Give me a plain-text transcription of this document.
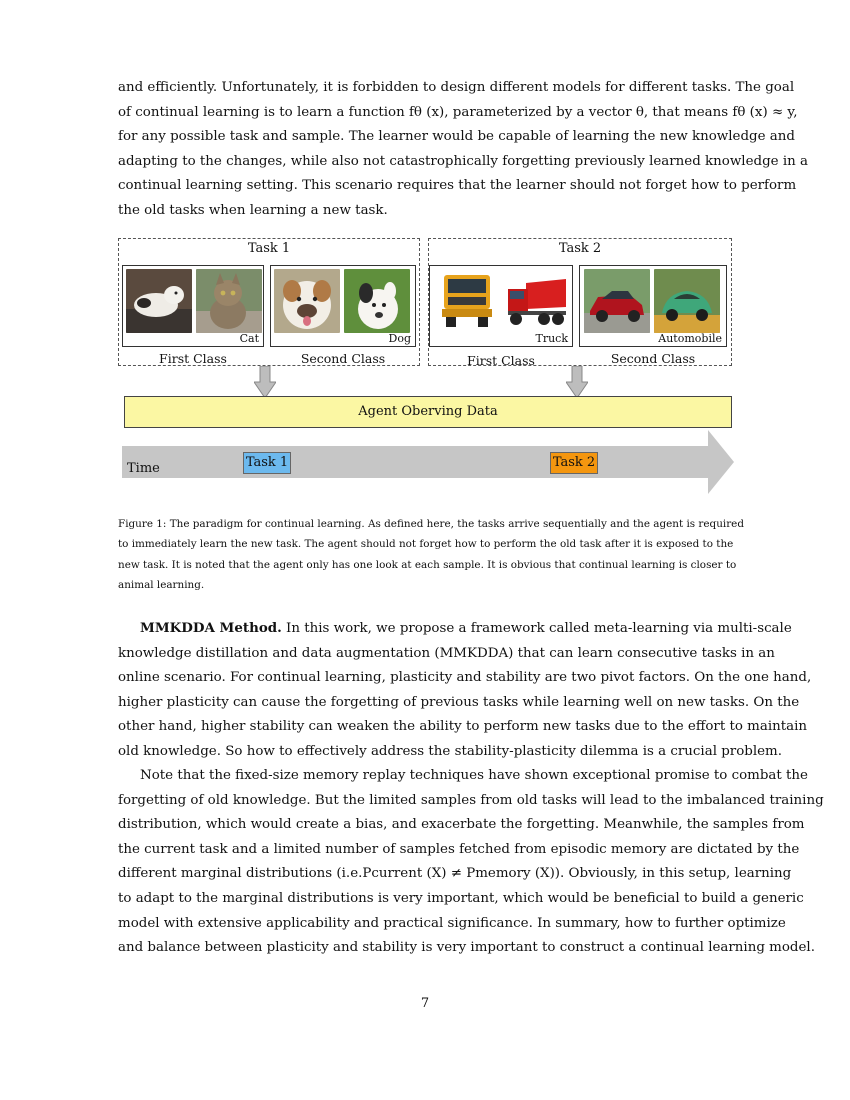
and efficiently. Unfortunately, it is forbidden to design different models for different tasks. The goal
of continual learning is to learn a function fθ (x), parameterized by a vector θ, that means fθ (x) ≈ y,
for any possible task and sample. The learner would be capable of learning the new knowledge and
adapting to the changes, while also not catastrophically forgetting previously learned knowledge in a
continual learning setting. This scenario requires that the learner should not forget how to perform
the old tasks when learning a new task.

Task 1
Cat
First Class
Dog
Second Class
Task 2
Truck
First Class
Automobile
Second Class
Agent Oberving Data
Time	Task 1	Task 2

Figure 1: The paradigm for continual learning. As defined here, the tasks arrive sequentially and the agent is required
to immediately learn the new task. The agent should not forget how to perform the old task after it is exposed to the
new task. It is noted that the agent only has one look at each sample. It is obvious that continual learning is closer to
animal learning.

MMKDDA Method. In this work, we propose a framework called meta-learning via multi-scale
knowledge distillation and data augmentation (MMKDDA) that can learn consecutive tasks in an
online scenario. For continual learning, plasticity and stability are two pivot factors. On the one hand,
higher plasticity can cause the forgetting of previous tasks while learning well on new tasks. On the
other hand, higher stability can weaken the ability to perform new tasks due to the effort to maintain
old knowledge. So how to effectively address the stability-plasticity dilemma is a crucial problem.

Note that the fixed-size memory replay techniques have shown exceptional promise to combat the
forgetting of old knowledge. But the limited samples from old tasks will lead to the imbalanced training
distribution, which would create a bias, and exacerbate the forgetting. Meanwhile, the samples from
the current task and a limited number of samples fetched from episodic memory are dictated by the
different marginal distributions (i.e.Pcurrent (X) ≠ Pmemory (X)). Obviously, in this setup, learning
to adapt to the marginal distributions is very important, which would be beneficial to build a generic
model with extensive applicability and practical significance. In summary, how to further optimize
and balance between plasticity and stability is very important to construct a continual learning model.

7
